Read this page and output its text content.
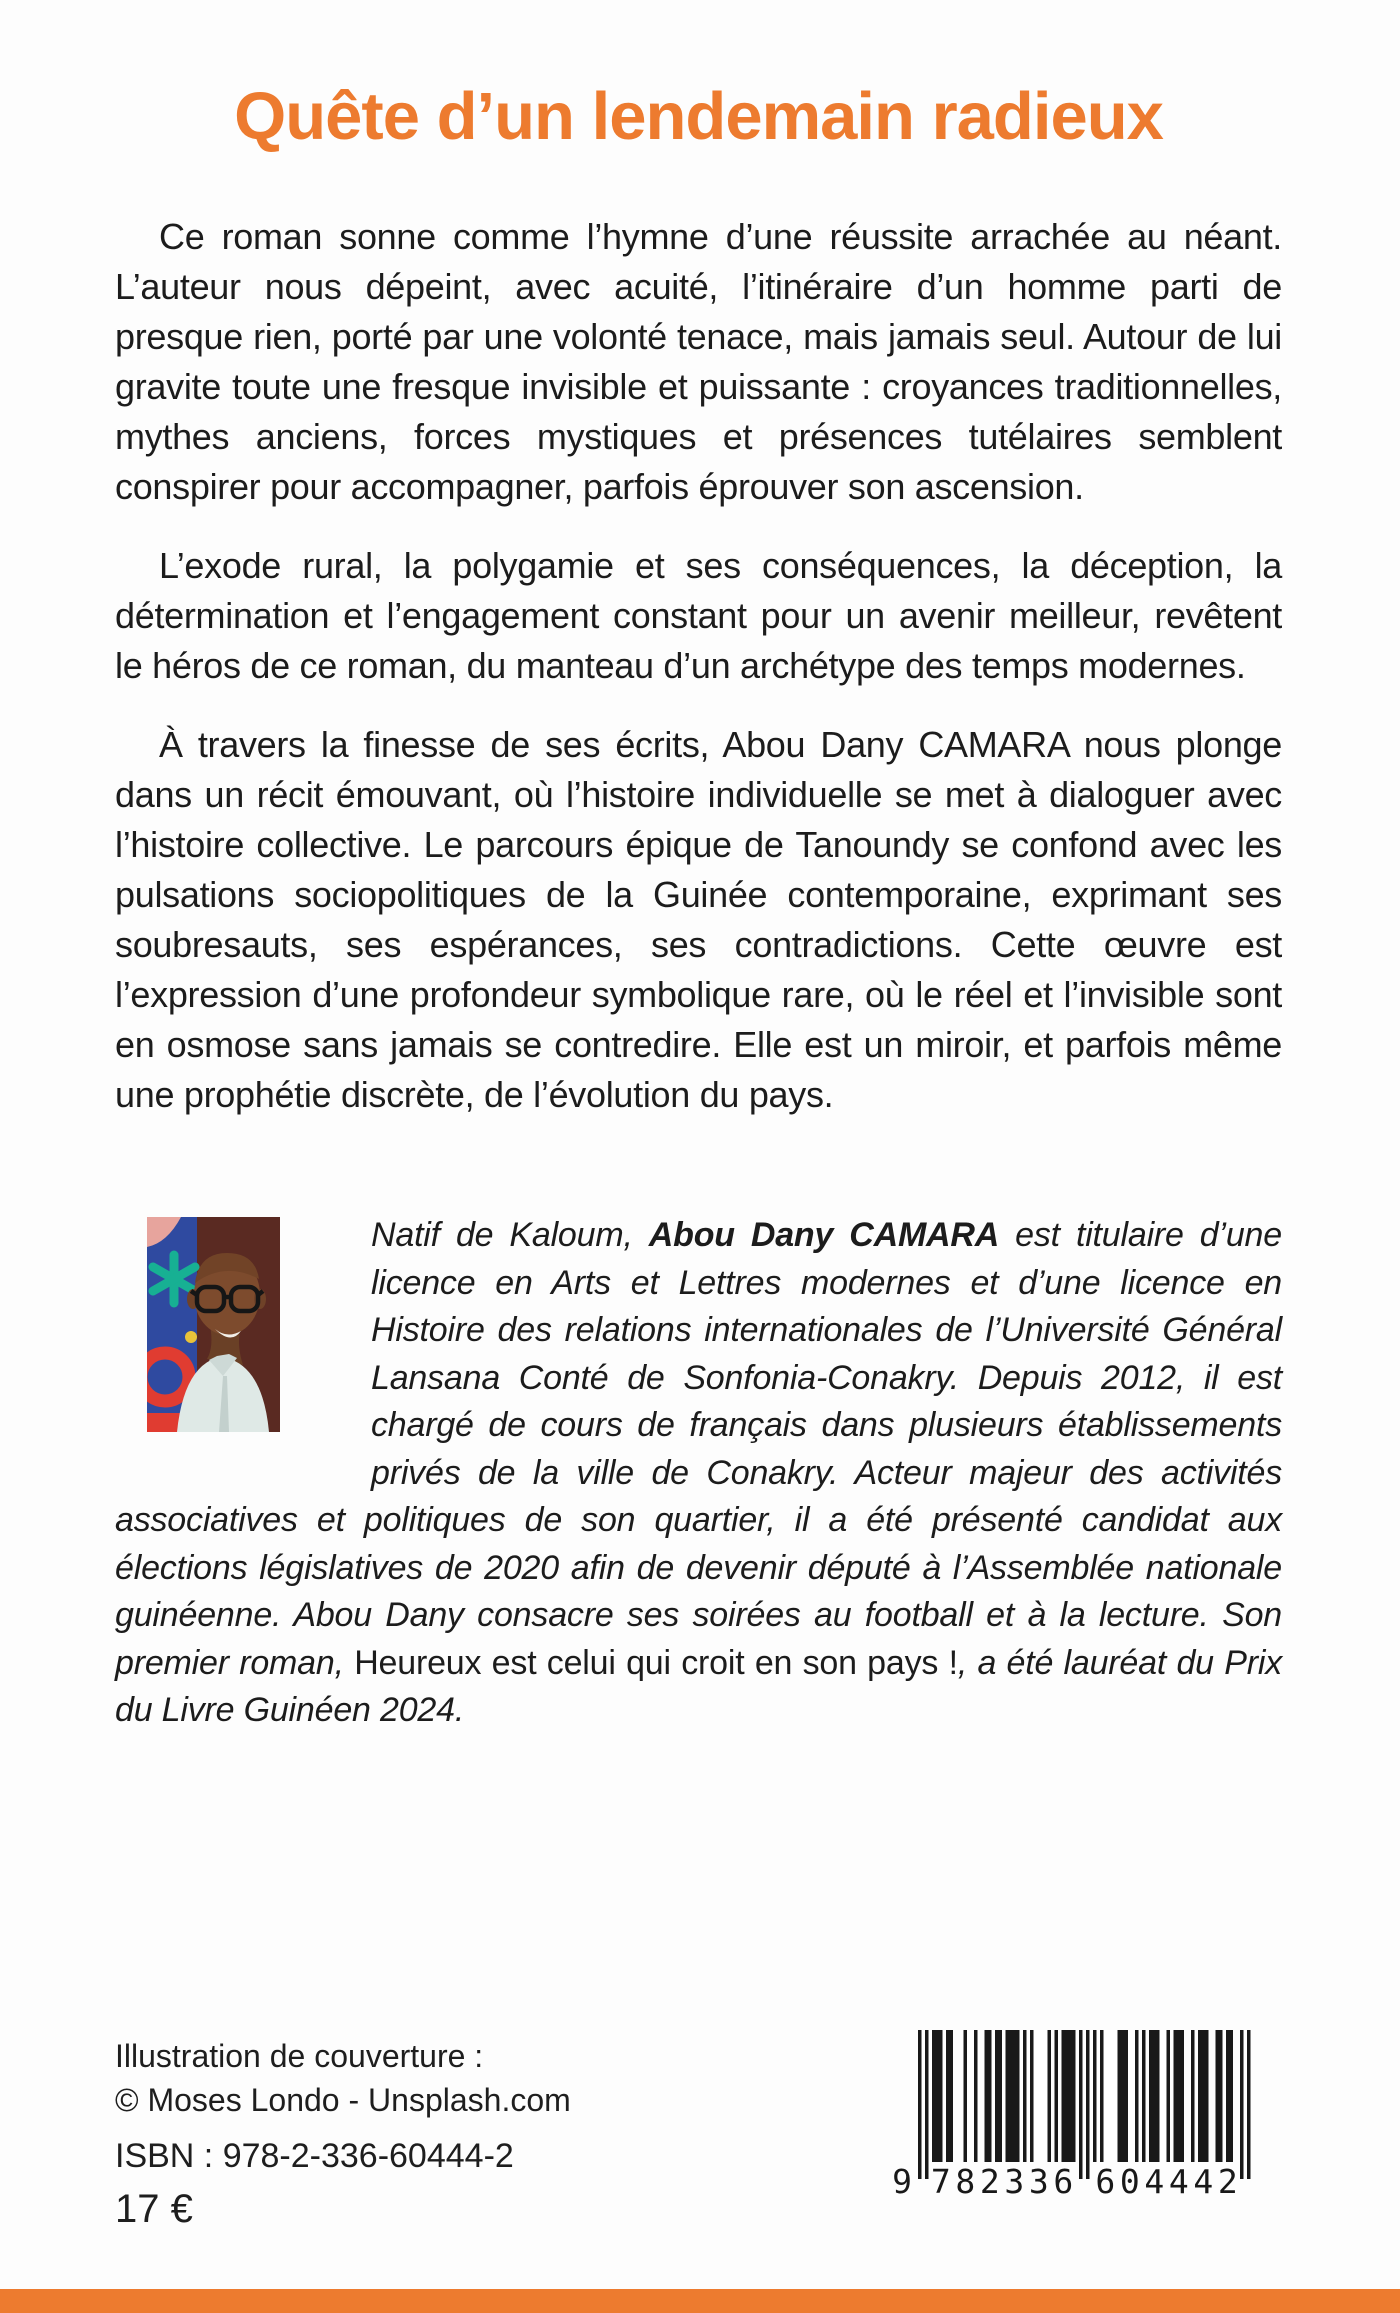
Quête d’un lendemain radieux

Ce roman sonne comme l’hymne d’une réussite arrachée au néant. L’auteur nous dépeint, avec acuité, l’itinéraire d’un homme parti de presque rien, porté par une volonté tenace, mais jamais seul. Autour de lui gravite toute une fresque invisible et puissante : croyances traditionnelles, mythes anciens, forces mystiques et présences tutélaires semblent conspirer pour accompagner, parfois éprouver son ascension.

L’exode rural, la polygamie et ses conséquences, la déception, la détermination et l’engagement constant pour un avenir meilleur, revêtent le héros de ce roman, du manteau d’un archétype des temps modernes.

À travers la finesse de ses écrits, Abou Dany CAMARA nous plonge dans un récit émouvant, où l’histoire individuelle se met à dialoguer avec l’histoire collective. Le parcours épique de Tanoundy se confond avec les pulsations sociopolitiques de la Guinée contemporaine, exprimant ses soubresauts, ses espérances, ses contradictions. Cette œuvre est l’expression d’une profondeur symbolique rare, où le réel et l’invisible sont en osmose sans jamais se contredire. Elle est un miroir, et parfois même une prophétie discrète, de l’évolution du pays.

Natif de Kaloum, Abou Dany CAMARA est titulaire d’une licence en Arts et Lettres modernes et d’une licence en Histoire des relations internationales de l’Université Général Lansana Conté de Sonfonia-Conakry. Depuis 2012, il est chargé de cours de français dans plusieurs établissements privés de la ville de Conakry. Acteur majeur des activités associatives et politiques de son quartier, il a été présenté candidat aux élections législatives de 2020 afin de devenir député à l’Assemblée nationale guinéenne. Abou Dany consacre ses soirées au football et à la lecture. Son premier roman, Heureux est celui qui croit en son pays !, a été lauréat du Prix du Livre Guinéen 2024.

Illustration de couverture :
© Moses Londo - Unsplash.com
ISBN : 978-2-336-60444-2
17 €
9 7 8 2 3 3 6 6 0 4 4 4 2
